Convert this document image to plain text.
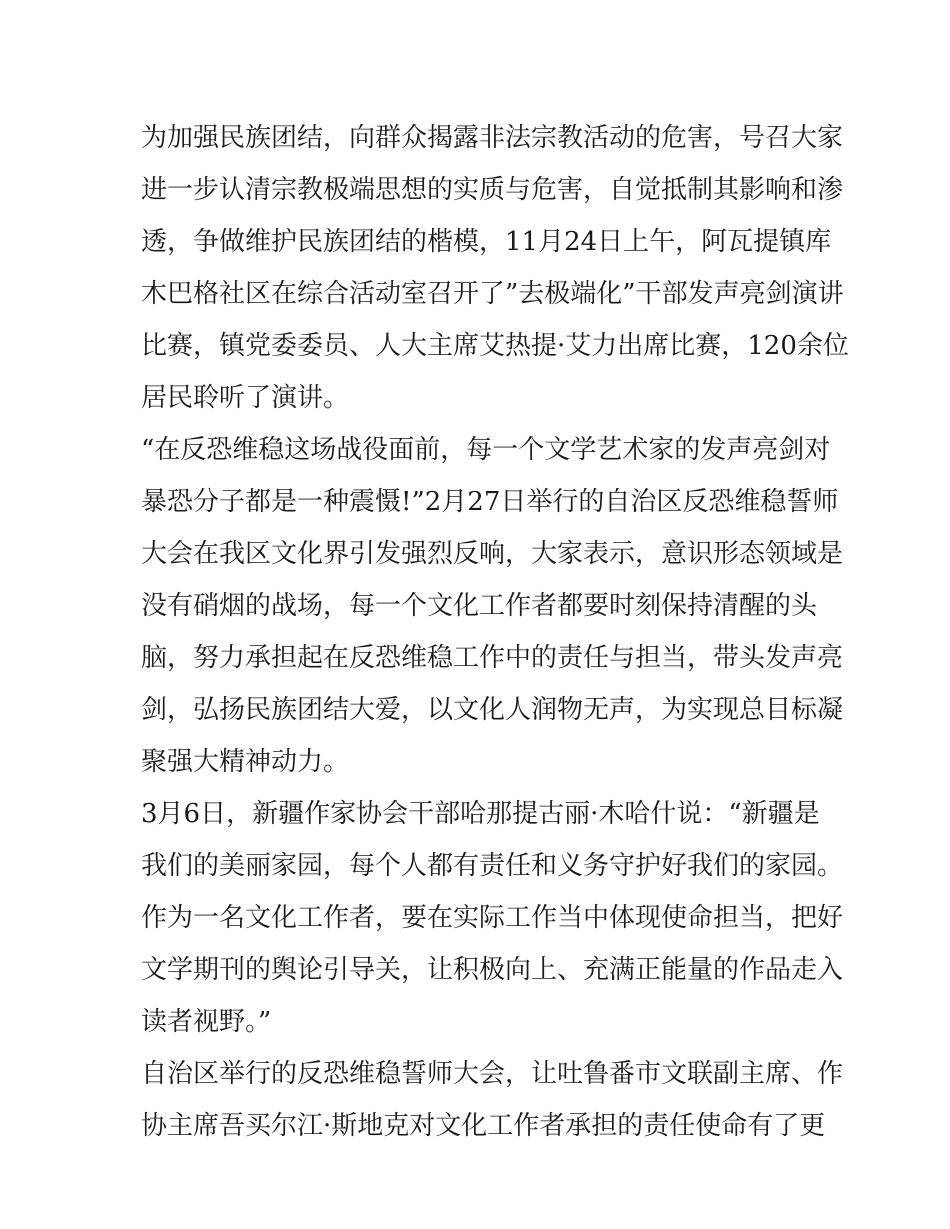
为加强民族团结，向群众揭露非法宗教活动的危害，号召大家
进一步认清宗教极端思想的实质与危害，自觉抵制其影响和渗
透，争做维护民族团结的楷模，11月24日上午，阿瓦提镇库
木巴格社区在综合活动室召开了”去极端化”干部发声亮剑演讲
比赛，镇党委委员、人大主席艾热提·艾力出席比赛，120余位
居民聆听了演讲。

“在反恐维稳这场战役面前，每一个文学艺术家的发声亮剑对
暴恐分子都是一种震慑!”2月27日举行的自治区反恐维稳誓师
大会在我区文化界引发强烈反响，大家表示，意识形态领域是
没有硝烟的战场，每一个文化工作者都要时刻保持清醒的头
脑，努力承担起在反恐维稳工作中的责任与担当，带头发声亮
剑，弘扬民族团结大爱，以文化人润物无声，为实现总目标凝
聚强大精神动力。

3月6日，新疆作家协会干部哈那提古丽·木哈什说：“新疆是
我们的美丽家园，每个人都有责任和义务守护好我们的家园。
作为一名文化工作者，要在实际工作当中体现使命担当，把好
文学期刊的舆论引导关，让积极向上、充满正能量的作品走入
读者视野。”

自治区举行的反恐维稳誓师大会，让吐鲁番市文联副主席、作
协主席吾买尔江·斯地克对文化工作者承担的责任使命有了更
